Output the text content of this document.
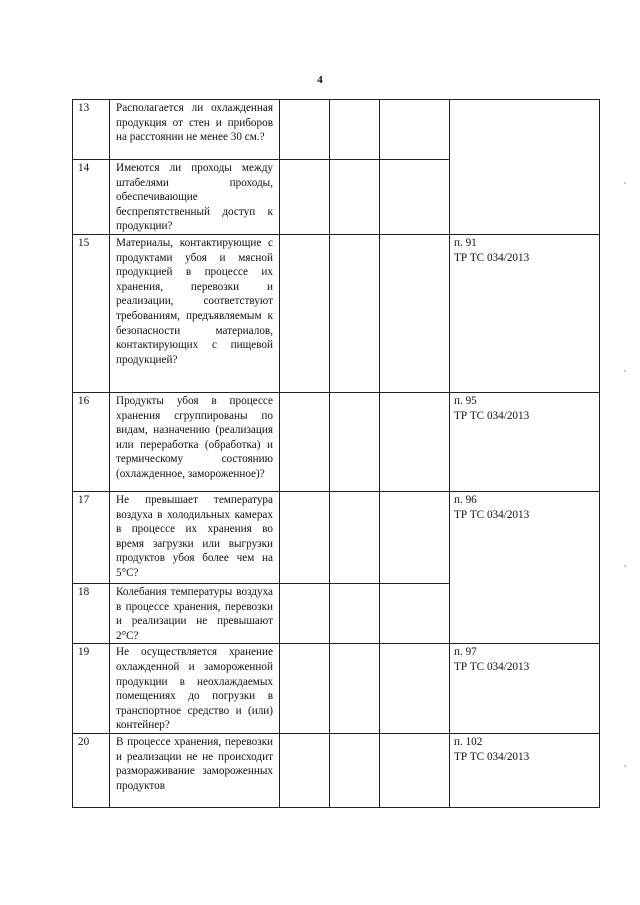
4
13	Располагается ли охлажденная продукция от стен и приборов на расстоянии не менее 30 см.?				

14	Имеются ли проходы между штабелями проходы, обеспечивающие беспрепятственный доступ к продукции?				
15	Материалы, контактирующие с продуктами убоя и мясной продукцией в процессе их хранения, перевозки и реализации, соответствуют требованиям, предъявляемым к безопасности материалов, контактирующих с пищевой продукцией?				п. 91
ТР ТС 034/2013

16	Продукты убоя в процессе хранения сгруппированы по видам, назначению (реализация или переработка (обработка) и термическому состоянию (охлажденное, замороженное)?				п. 95
ТР ТС 034/2013

17	Не превышает температура воздуха в холодильных камерах в процессе их хранения во время загрузки или выгрузки продуктов убоя более чем на 5°С?				п. 96
ТР ТС 034/2013

18	Колебания температуры воздуха в процессе хранения, перевозки и реализации не превышают 2°С?				
19	Не осуществляется хранение охлажденной и замороженной продукции в неохлаждаемых помещениях до погрузки в транспортное средство и (или) контейнер?				п. 97
ТР ТС 034/2013

20	В процессе хранения, перевозки и реализации не не происходит размораживание замороженных продуктов				п. 102
ТР ТС 034/2013
